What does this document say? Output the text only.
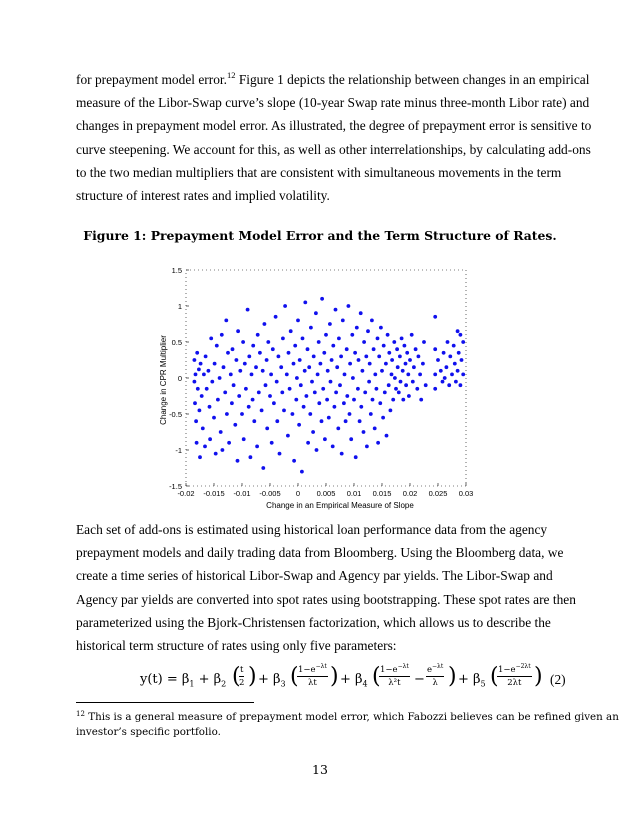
for prepayment model error.$^{12}$ Figure 1 depicts the relationship between changes in an empirical
measure of the Libor-Swap curve’s slope (10-year Swap rate minus three-month Libor rate) and
changes in prepayment model error. As illustrated, the degree of prepayment error is sensitive to
curve steepening. We account for this, as well as other interrelationships, by calculating add-ons
to the two median multipliers that are consistent with simultaneous movements in the term
structure of interest rates and implied volatility.
Figure 1: Prepayment Model Error and the Term Structure of Rates.
-0.02 -0.015 -0.01 -0.005 0 0.005 0.01 0.015 0.02 0.025 0.03
-1.5
-1
-0.5
0
0.5
1
1.5
Change in an Empirical Measure of Slope
Change in CPR Multiplier
Each set of add-ons is estimated using historical loan performance data from the agency
prepayment models and daily trading data from Bloomberg. Using the Bloomberg data, we
create a time series of historical Libor-Swap and Agency par yields. The Libor-Swap and
Agency par yields are converted into spot rates using bootstrapping. These spot rates are then
parameterized using the Bjork-Christensen factorization, which allows us to describe the
historical term structure of rates using only five parameters:
$y(t) = \beta_1 + \beta_2$ (
$\frac{t}{2}$ ) + $\beta_3$ (
$\frac{1-e^{-\lambda t}}{\lambda t}$ ) + $\beta_4$ (
$\frac{1-e^{-\lambda t}}{\text{λ²t}} - \frac{e^{-\lambda t}}{\lambda}$ ) + $\beta_5$ (
$\frac{1-e^{-2\lambda t}}{2\lambda t}$ ) (2)
$^{12}$ This is a general measure of prepayment model error, which Fabozzi believes can be refined given an
investor’s specific portfolio.
13
